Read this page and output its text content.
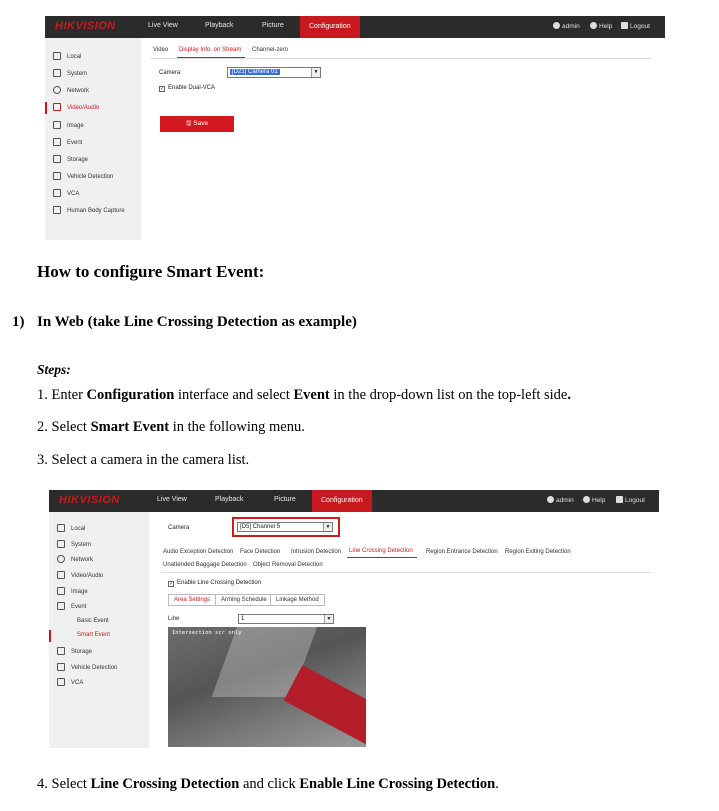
HIKVISION	Live View	Playback	Picture	Configuration	admin	Help	Logout
Local
System
Network
Video/Audio
Image
Event
Storage
Vehicle Detection
VCA
Human Body Capture
Video Display Info. on Stream Channel-zero
Camera	[D21] Camera 01	▼
✓ Enable Dual-VCA
🖫 Save
How to configure Smart Event:
1) In Web (take Line Crossing Detection as example)
Steps:
1. Enter Configuration interface and select Event in the drop-down list on the top-left side.
2. Select Smart Event in the following menu.
3. Select a camera in the camera list.
HIKVISION	Live View	Playback	Picture	Configuration	admin	Help	Logout
Local
System
Network
Video/Audio
Image
Event
Basic Event
Smart Event
Storage
Vehicle Detection
VCA
Camera	[D5] Channel 5	▼
Audio Exception Detection Face Detection Intrusion Detection Line Crossing Detection Region Entrance Detection Region Exiting Detection
Unattended Baggage Detection Object Removal Detection
✓ Enable Line Crossing Detection
Area Settings	Arming Schedule	Linkage Method
Line	1	▼
Intersection scr only
4. Select Line Crossing Detection and click Enable Line Crossing Detection.
